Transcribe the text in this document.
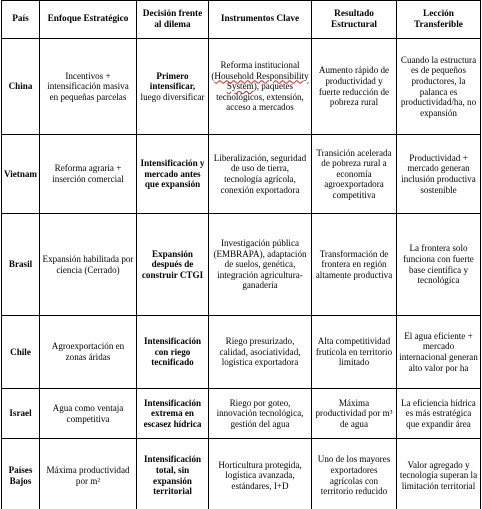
País	Enfoque Estratégico	Decisión frente al dilema	Instrumentos Clave	Resultado Estructural	Lección Transferible
China	Incentivos + intensificación masiva en pequeñas parcelas	Primero intensificar, luego diversificar	Reforma institucional (Household Responsibility System), paquetes tecnológicos, extensión, acceso a mercados	Aumento rápido de productividad y fuerte reducción de pobreza rural	Cuando la estructura es de pequeños productores, la palanca es productividad/ha, no expansión
Vietnam	Reforma agraria + inserción comercial	Intensificación y mercado antes que expansión	Liberalización, seguridad de uso de tierra, tecnología agrícola, conexión exportadora	Transición acelerada de pobreza rural a economía agroexportadora competitiva	Productividad + mercado generan inclusión productiva sostenible
Brasil	Expansión habilitada por ciencia (Cerrado)	Expansión después de construir CTGI	Investigación pública (EMBRAPA), adaptación de suelos, genética, integración agricultura-ganadería	Transformación de frontera en región altamente productiva	La frontera solo funciona con fuerte base científica y tecnológica
Chile	Agroexportación en zonas áridas	Intensificación con riego tecnificado	Riego presurizado, calidad, asociatividad, logística exportadora	Alta competitividad frutícola en territorio limitado	El agua eficiente + mercado internacional generan alto valor por ha
Israel	Agua como ventaja competitiva	Intensificación extrema en escasez hídrica	Riego por goteo, innovación tecnológica, gestión del agua	Máxima productividad por m³ de agua	La eficiencia hídrica es más estratégica que expandir área
Países Bajos	Máxima productividad por m²	Intensificación total, sin expansión territorial	Horticultura protegida, logística avanzada, estándares, I+D	Uno de los mayores exportadores agrícolas con territorio reducido	Valor agregado y tecnología superan la limitación territorial
